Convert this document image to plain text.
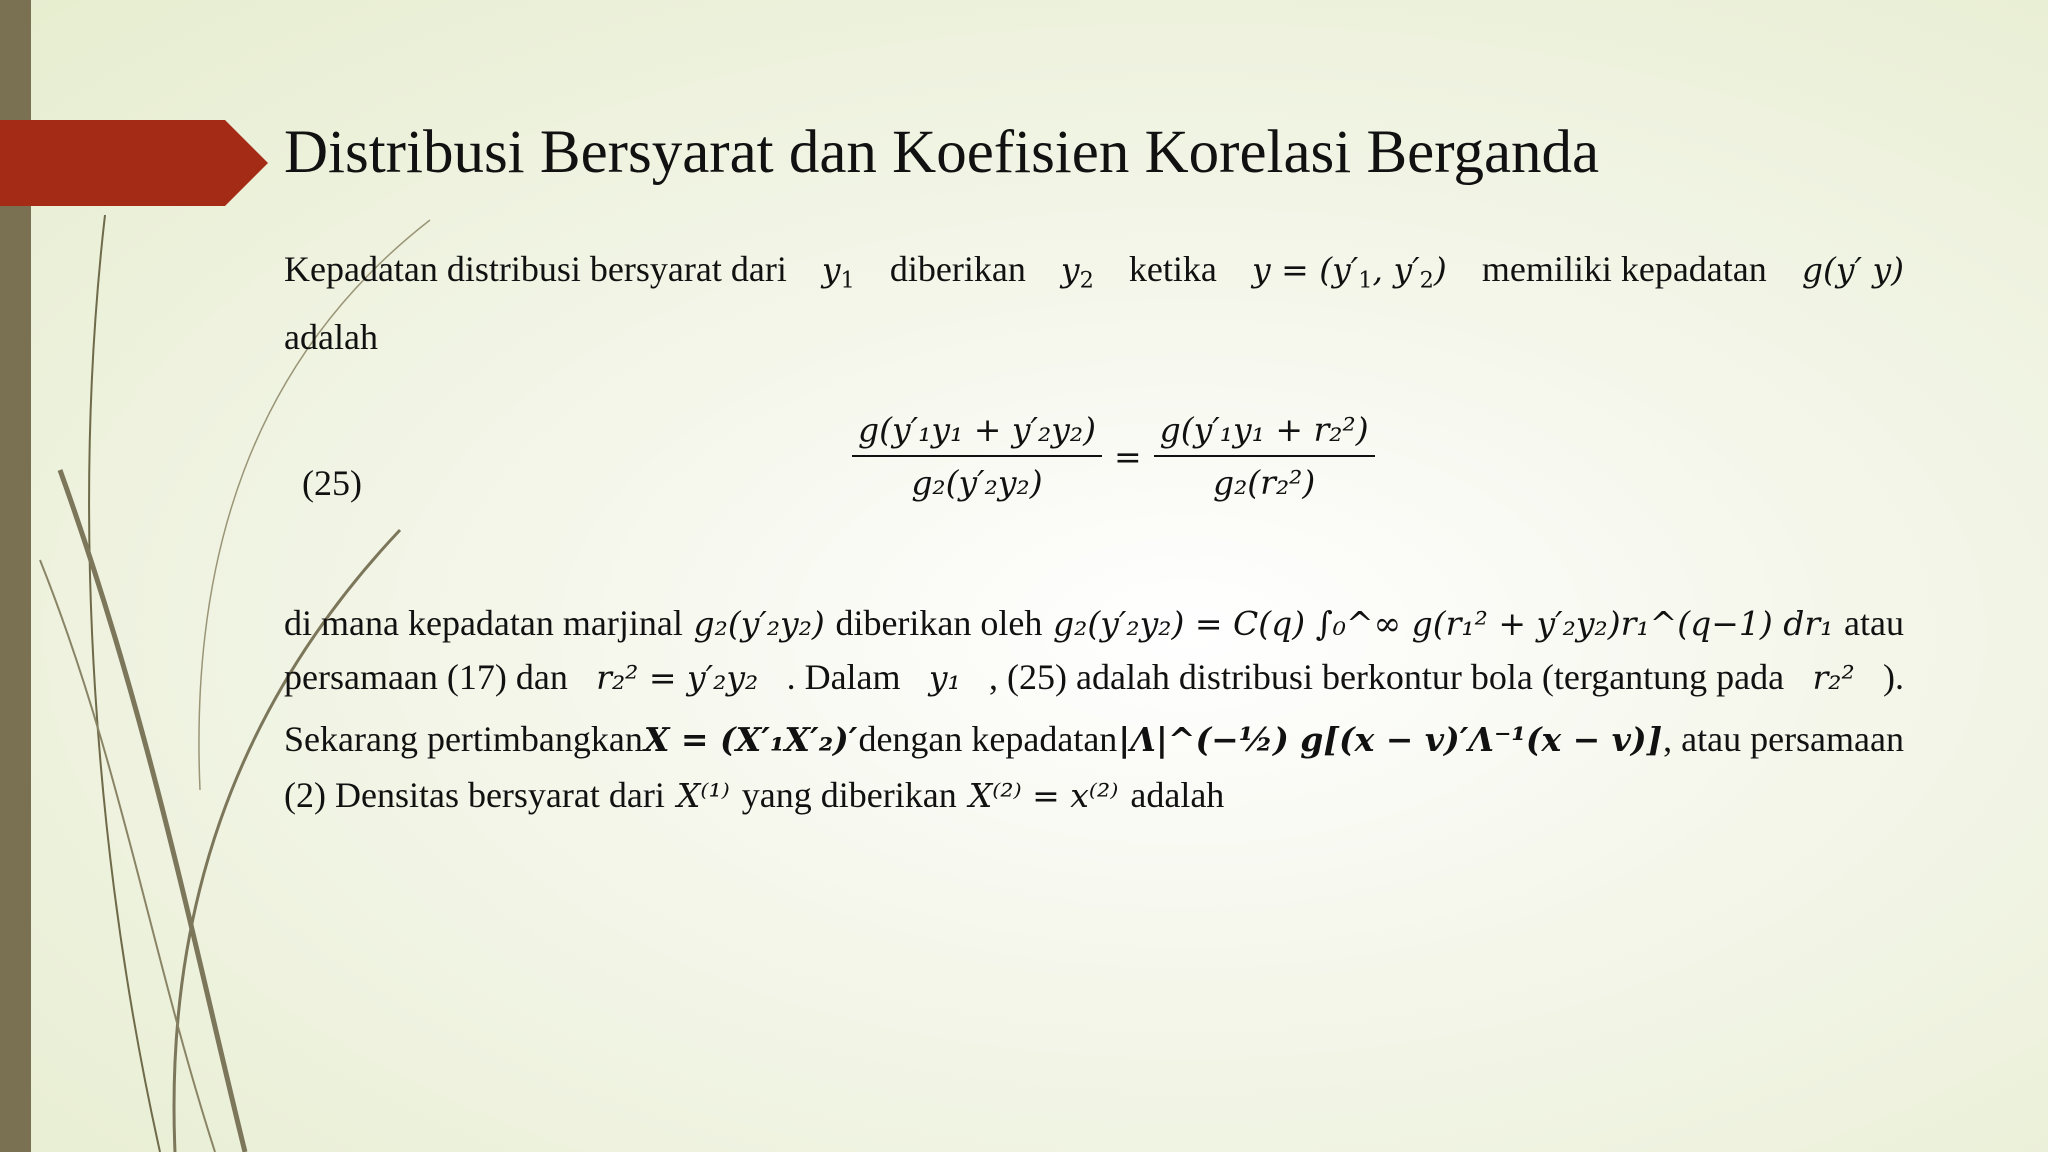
Distribusi Bersyarat dan Koefisien Korelasi Berganda
Kepadatan distribusi bersyarat dari $y_1$ diberikan $y_2$ ketika $y = (y'_1$, $y'_2$) memiliki kepadatan g(y′ y)
adalah
(25)	$\frac{\text{g(y′₁y₁ + y′₂y₂)}}{\text{g₂(y′₂y₂)}} = \frac{\text{g(y′₁y₁ + r₂²)}}{\text{g₂(r₂²)}}$
di mana kepadatan marjinal g₂(y′₂y₂) diberikan oleh g₂(y′₂y₂) = C(q) ∫₀^∞ g(r₁² + y′₂y₂)r₁^(q−1) dr₁ atau
persamaan (17) dan r₂² = y′₂y₂ . Dalam y₁ , (25) adalah distribusi berkontur bola (tergantung pada r₂² ).
Sekarang pertimbangkan X = (X′₁X′₂)′ dengan kepadatan |Λ|^(−½) g[(x − v)′Λ⁻¹(x − v)] , atau persamaan
(2) Densitas bersyarat dari X⁽¹⁾ yang diberikan X⁽²⁾ = x⁽²⁾ adalah
